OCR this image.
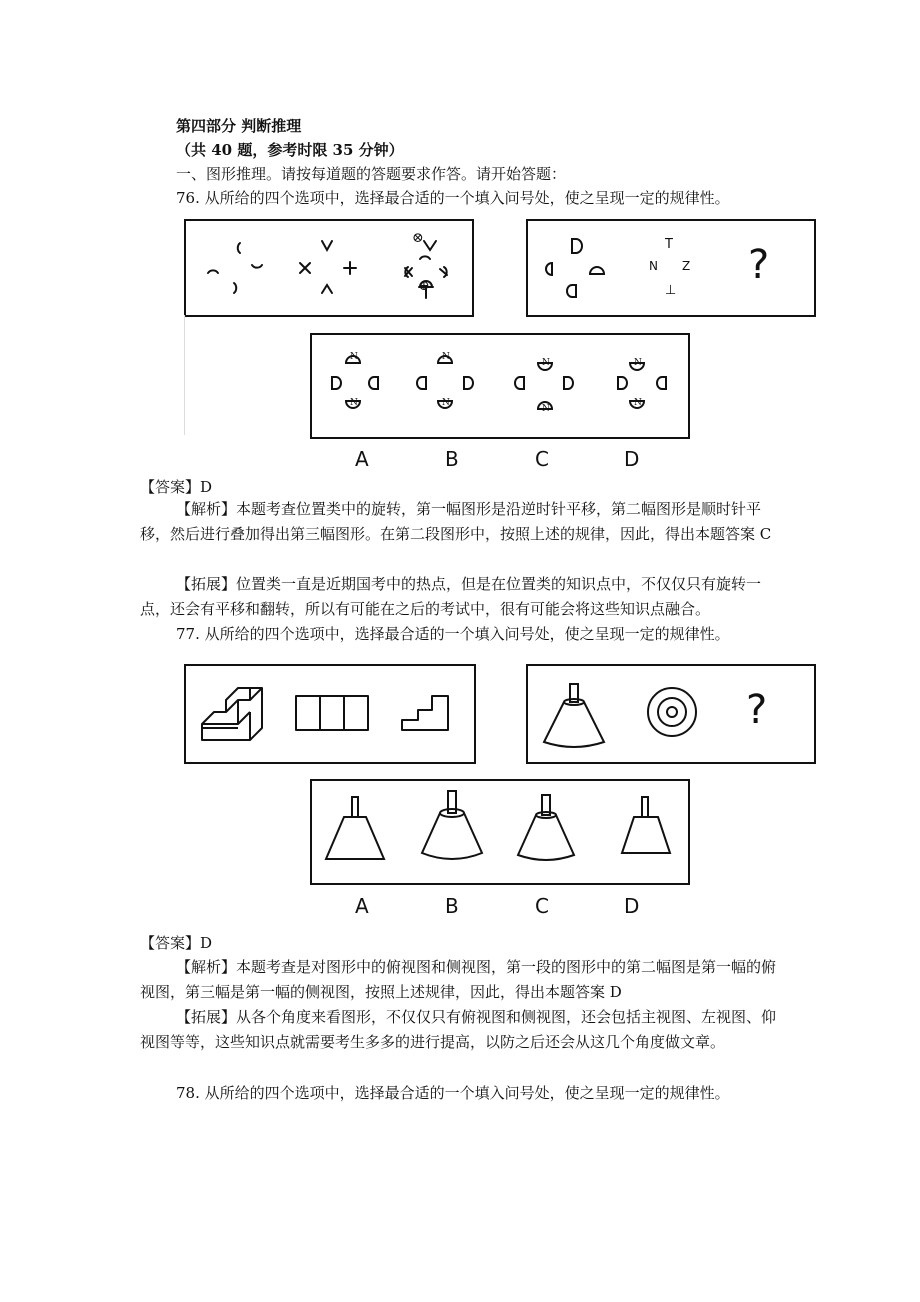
第四部分 判断推理
（共 40 题，参考时限 35 分钟）
一、图形推理。请按每道题的答题要求作答。请开始答题：
76. 从所给的四个选项中，选择最合适的一个填入问号处，使之呈现一定的规律性。
⊗
⊕
T
N Z
⊥
?
N
N
N
N
N
N
N
N
A	B	C	D
【答案】D
【解析】本题考查位置类中的旋转，第一幅图形是沿逆时针平移，第二幅图形是顺时针平移，然后进行叠加得出第三幅图形。在第二段图形中，按照上述的规律，因此，得出本题答案 C
【拓展】位置类一直是近期国考中的热点，但是在位置类的知识点中，不仅仅只有旋转一点，还会有平移和翻转，所以有可能在之后的考试中，很有可能会将这些知识点融合。
77. 从所给的四个选项中，选择最合适的一个填入问号处，使之呈现一定的规律性。
?
A	B	C	D
【答案】D
【解析】本题考查是对图形中的俯视图和侧视图，第一段的图形中的第二幅图是第一幅的俯视图，第三幅是第一幅的侧视图，按照上述规律，因此，得出本题答案 D
【拓展】从各个角度来看图形，不仅仅只有俯视图和侧视图，还会包括主视图、左视图、仰视图等等，这些知识点就需要考生多多的进行提高，以防之后还会从这几个角度做文章。
78. 从所给的四个选项中，选择最合适的一个填入问号处，使之呈现一定的规律性。
